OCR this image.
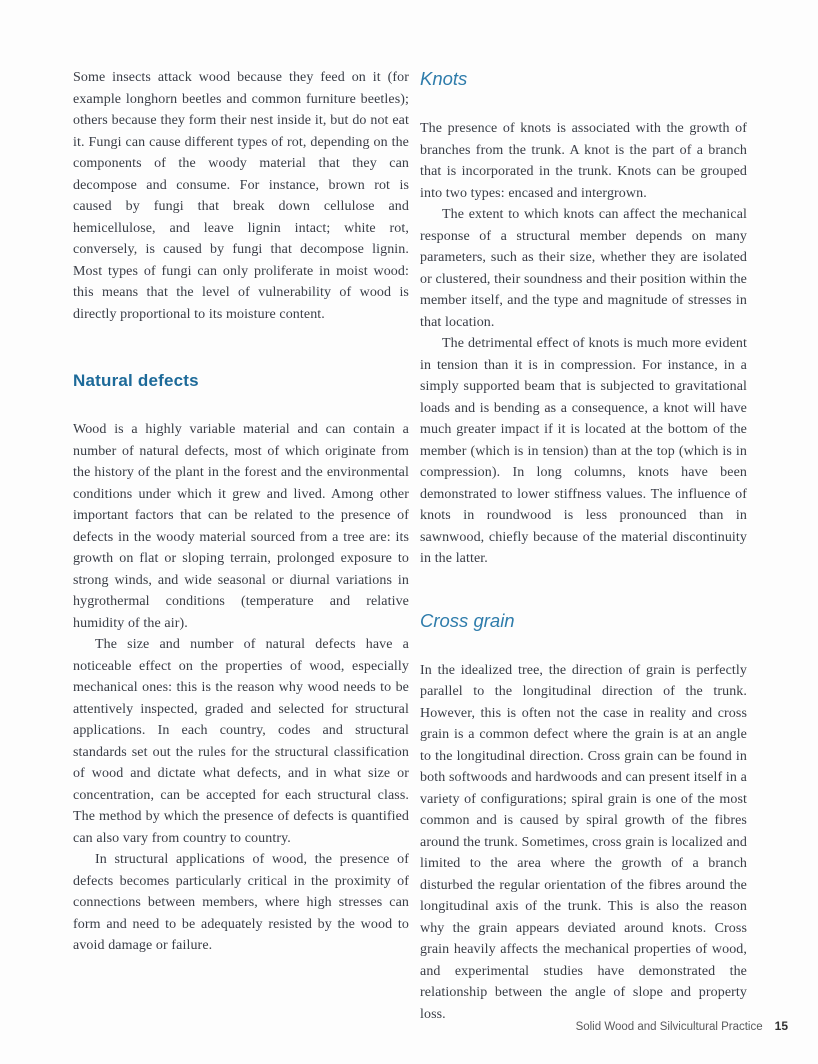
Some insects attack wood because they feed on it (for example longhorn beetles and common furniture beetles); others because they form their nest inside it, but do not eat it. Fungi can cause different types of rot, depending on the components of the woody material that they can decompose and consume. For instance, brown rot is caused by fungi that break down cellulose and hemicellulose, and leave lignin intact; white rot, conversely, is caused by fungi that decompose lignin. Most types of fungi can only proliferate in moist wood: this means that the level of vulnerability of wood is directly proportional to its moisture content.

Natural defects

Wood is a highly variable material and can contain a number of natural defects, most of which originate from the history of the plant in the forest and the environmental conditions under which it grew and lived. Among other important factors that can be related to the presence of defects in the woody material sourced from a tree are: its growth on flat or sloping terrain, prolonged exposure to strong winds, and wide seasonal or diurnal variations in hygrothermal conditions (temperature and relative humidity of the air).

The size and number of natural defects have a noticeable effect on the properties of wood, especially mechanical ones: this is the reason why wood needs to be attentively inspected, graded and selected for structural applications. In each country, codes and structural standards set out the rules for the structural classification of wood and dictate what defects, and in what size or concentration, can be accepted for each structural class. The method by which the presence of defects is quantified can also vary from country to country.

In structural applications of wood, the presence of defects becomes particularly critical in the proximity of connections between members, where high stresses can form and need to be adequately resisted by the wood to avoid damage or failure.

Knots

The presence of knots is associated with the growth of branches from the trunk. A knot is the part of a branch that is incorporated in the trunk. Knots can be grouped into two types: encased and intergrown.

The extent to which knots can affect the mechanical response of a structural member depends on many parameters, such as their size, whether they are isolated or clustered, their soundness and their position within the member itself, and the type and magnitude of stresses in that location.

The detrimental effect of knots is much more evident in tension than it is in compression. For instance, in a simply supported beam that is subjected to gravitational loads and is bending as a consequence, a knot will have much greater impact if it is located at the bottom of the member (which is in tension) than at the top (which is in compression). In long columns, knots have been demonstrated to lower stiffness values. The influence of knots in roundwood is less pronounced than in sawnwood, chiefly because of the material discontinuity in the latter.

Cross grain

In the idealized tree, the direction of grain is perfectly parallel to the longitudinal direction of the trunk. However, this is often not the case in reality and cross grain is a common defect where the grain is at an angle to the longitudinal direction. Cross grain can be found in both softwoods and hardwoods and can present itself in a variety of configurations; spiral grain is one of the most common and is caused by spiral growth of the fibres around the trunk. Sometimes, cross grain is localized and limited to the area where the growth of a branch disturbed the regular orientation of the fibres around the longitudinal axis of the trunk. This is also the reason why the grain appears deviated around knots. Cross grain heavily affects the mechanical properties of wood, and experimental studies have demonstrated the relationship between the angle of slope and property loss.

Solid Wood and Silvicultural Practice 15
